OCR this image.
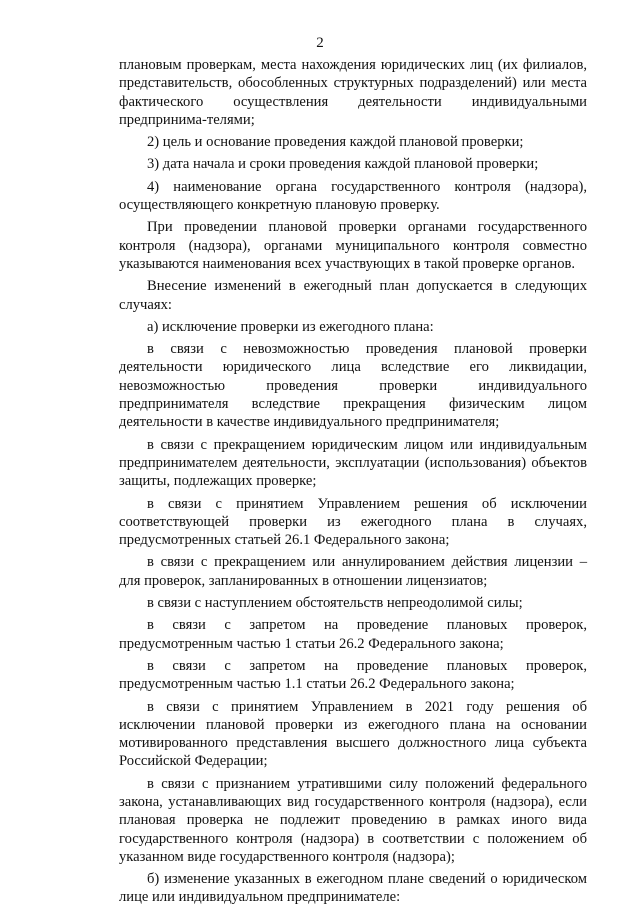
2

плановым проверкам, места нахождения юридических лиц (их филиалов, представительств, обособленных структурных подразделений) или места фактического осуществления деятельности индивидуальными предпринима-телями;

2) цель и основание проведения каждой плановой проверки;

3) дата начала и сроки проведения каждой плановой проверки;

4) наименование органа государственного контроля (надзора), осуществляющего конкретную плановую проверку.

При проведении плановой проверки органами государственного контроля (надзора), органами муниципального контроля совместно указываются наименования всех участвующих в такой проверке органов.

Внесение изменений в ежегодный план допускается в следующих случаях:

а) исключение проверки из ежегодного плана:

в связи с невозможностью проведения плановой проверки деятельности юридического лица вследствие его ликвидации, невозможностью проведения проверки индивидуального предпринимателя вследствие прекращения физическим лицом деятельности в качестве индивидуального предпринимателя;

в связи с прекращением юридическим лицом или индивидуальным предпринимателем деятельности, эксплуатации (использования) объектов защиты, подлежащих проверке;

в связи с принятием Управлением решения об исключении соответствующей проверки из ежегодного плана в случаях, предусмотренных статьей 26.1 Федерального закона;

в связи с прекращением или аннулированием действия лицензии – для проверок, запланированных в отношении лицензиатов;

в связи с наступлением обстоятельств непреодолимой силы;

в связи с запретом на проведение плановых проверок, предусмотренным частью 1 статьи 26.2 Федерального закона;

в связи с запретом на проведение плановых проверок, предусмотренным частью 1.1 статьи 26.2 Федерального закона;

в связи с принятием Управлением в 2021 году решения об исключении плановой проверки из ежегодного плана на основании мотивированного представления высшего должностного лица субъекта Российской Федерации;

в связи с признанием утратившими силу положений федерального закона, устанавливающих вид государственного контроля (надзора), если плановая проверка не подлежит проведению в рамках иного вида государственного контроля (надзора) в соответствии с положением об указанном виде государственного контроля (надзора);

б) изменение указанных в ежегодном плане сведений о юридическом лице или индивидуальном предпринимателе:
